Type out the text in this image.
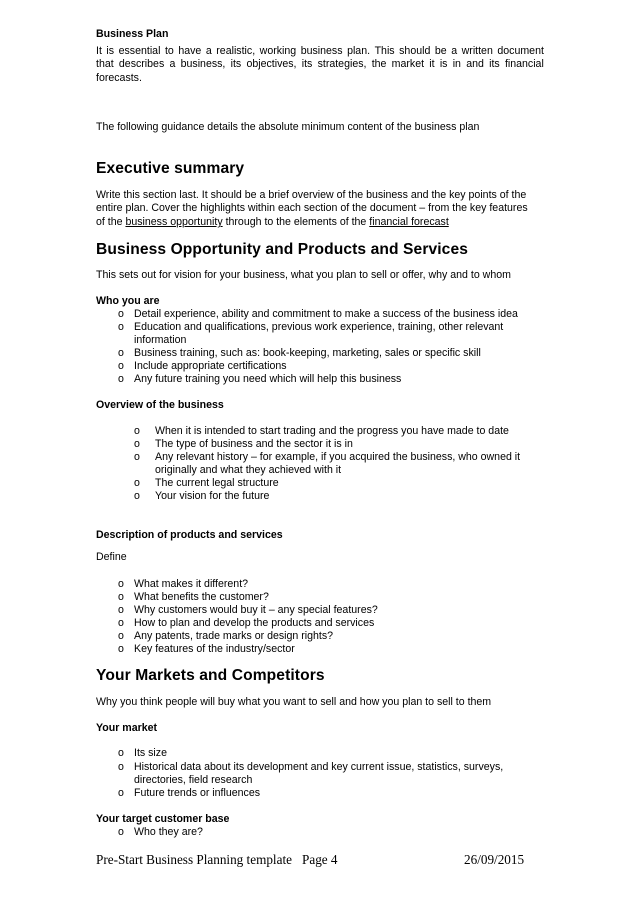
Business Plan
It is essential to have a realistic, working business plan. This should be a written document
that describes a business, its objectives, its strategies, the market it is in and its financial
forecasts.
The following guidance details the absolute minimum content of the business plan
Executive summary
Write this section last. It should be a brief overview of the business and the key points of the
entire plan. Cover the highlights within each section of the document – from the key features
of the business opportunity through to the elements of the financial forecast
Business Opportunity and Products and Services
This sets out for vision for your business, what you plan to sell or offer, why and to whom
Who you are
o Detail experience, ability and commitment to make a success of the business idea
o Education and qualifications, previous work experience, training, other relevant
information
o Business training, such as: book-keeping, marketing, sales or specific skill
o Include appropriate certifications
o Any future training you need which will help this business
Overview of the business
o When it is intended to start trading and the progress you have made to date
o The type of business and the sector it is in
o Any relevant history – for example, if you acquired the business, who owned it
originally and what they achieved with it
o The current legal structure
o Your vision for the future
Description of products and services
Define
o What makes it different?
o What benefits the customer?
o Why customers would buy it – any special features?
o How to plan and develop the products and services
o Any patents, trade marks or design rights?
o Key features of the industry/sector
Your Markets and Competitors
Why you think people will buy what you want to sell and how you plan to sell to them
Your market
o Its size
o Historical data about its development and key current issue, statistics, surveys,
directories, field research
o Future trends or influences
Your target customer base
o Who they are?
Pre-Start Business Planning template Page 4	26/09/2015
